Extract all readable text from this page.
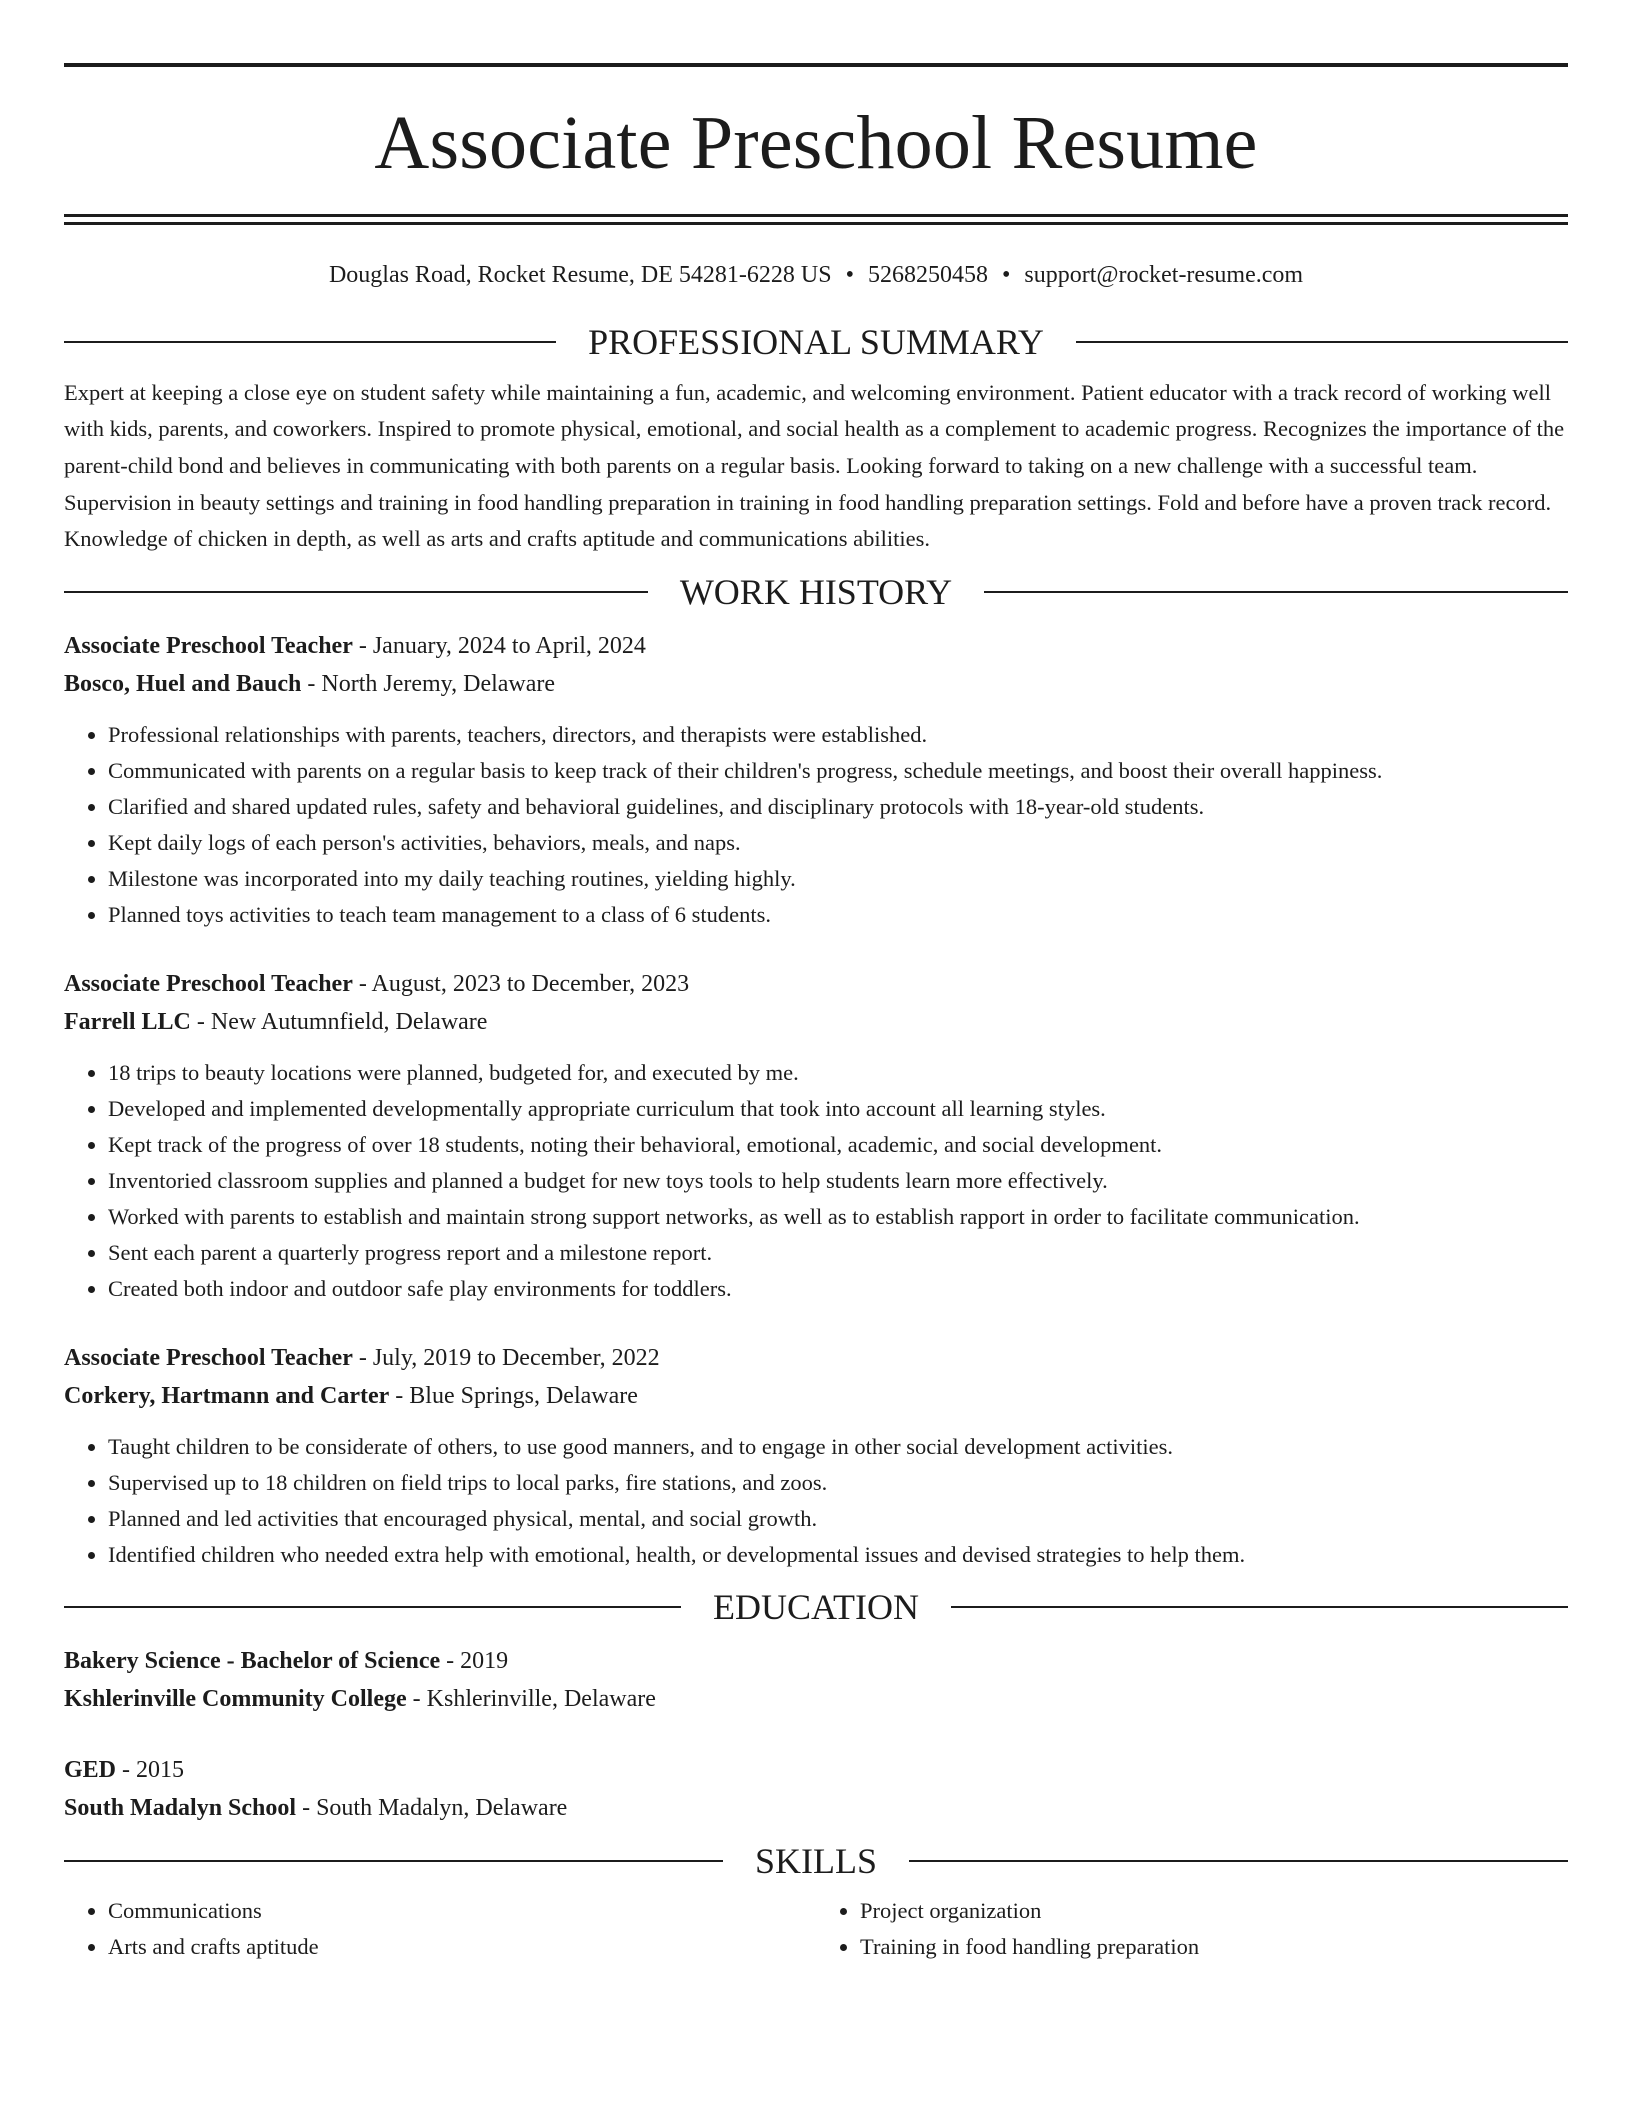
Associate Preschool Resume
Douglas Road, Rocket Resume, DE 54281-6228 US • 5268250458 • support@rocket-resume.com
PROFESSIONAL SUMMARY

Expert at keeping a close eye on student safety while maintaining a fun, academic, and welcoming environment. Patient educator with a track record of working well with kids, parents, and coworkers. Inspired to promote physical, emotional, and social health as a complement to academic progress. Recognizes the importance of the parent-child bond and believes in communicating with both parents on a regular basis. Looking forward to taking on a new challenge with a successful team. Supervision in beauty settings and training in food handling preparation in training in food handling preparation settings. Fold and before have a proven track record. Knowledge of chicken in depth, as well as arts and crafts aptitude and communications abilities.

WORK HISTORY
Associate Preschool Teacher - January, 2024 to April, 2024
Bosco, Huel and Bauch - North Jeremy, Delaware
• Professional relationships with parents, teachers, directors, and therapists were established.
• Communicated with parents on a regular basis to keep track of their children's progress, schedule meetings, and boost their overall happiness.
• Clarified and shared updated rules, safety and behavioral guidelines, and disciplinary protocols with 18-year-old students.
• Kept daily logs of each person's activities, behaviors, meals, and naps.
• Milestone was incorporated into my daily teaching routines, yielding highly.
• Planned toys activities to teach team management to a class of 6 students.
Associate Preschool Teacher - August, 2023 to December, 2023
Farrell LLC - New Autumnfield, Delaware
• 18 trips to beauty locations were planned, budgeted for, and executed by me.
• Developed and implemented developmentally appropriate curriculum that took into account all learning styles.
• Kept track of the progress of over 18 students, noting their behavioral, emotional, academic, and social development.
• Inventoried classroom supplies and planned a budget for new toys tools to help students learn more effectively.
• Worked with parents to establish and maintain strong support networks, as well as to establish rapport in order to facilitate communication.
• Sent each parent a quarterly progress report and a milestone report.
• Created both indoor and outdoor safe play environments for toddlers.
Associate Preschool Teacher - July, 2019 to December, 2022
Corkery, Hartmann and Carter - Blue Springs, Delaware
• Taught children to be considerate of others, to use good manners, and to engage in other social development activities.
• Supervised up to 18 children on field trips to local parks, fire stations, and zoos.
• Planned and led activities that encouraged physical, mental, and social growth.
• Identified children who needed extra help with emotional, health, or developmental issues and devised strategies to help them.
EDUCATION
Bakery Science - Bachelor of Science - 2019
Kshlerinville Community College - Kshlerinville, Delaware
GED - 2015
South Madalyn School - South Madalyn, Delaware
SKILLS
• Communications
• Arts and crafts aptitude
• Project organization
• Training in food handling preparation
